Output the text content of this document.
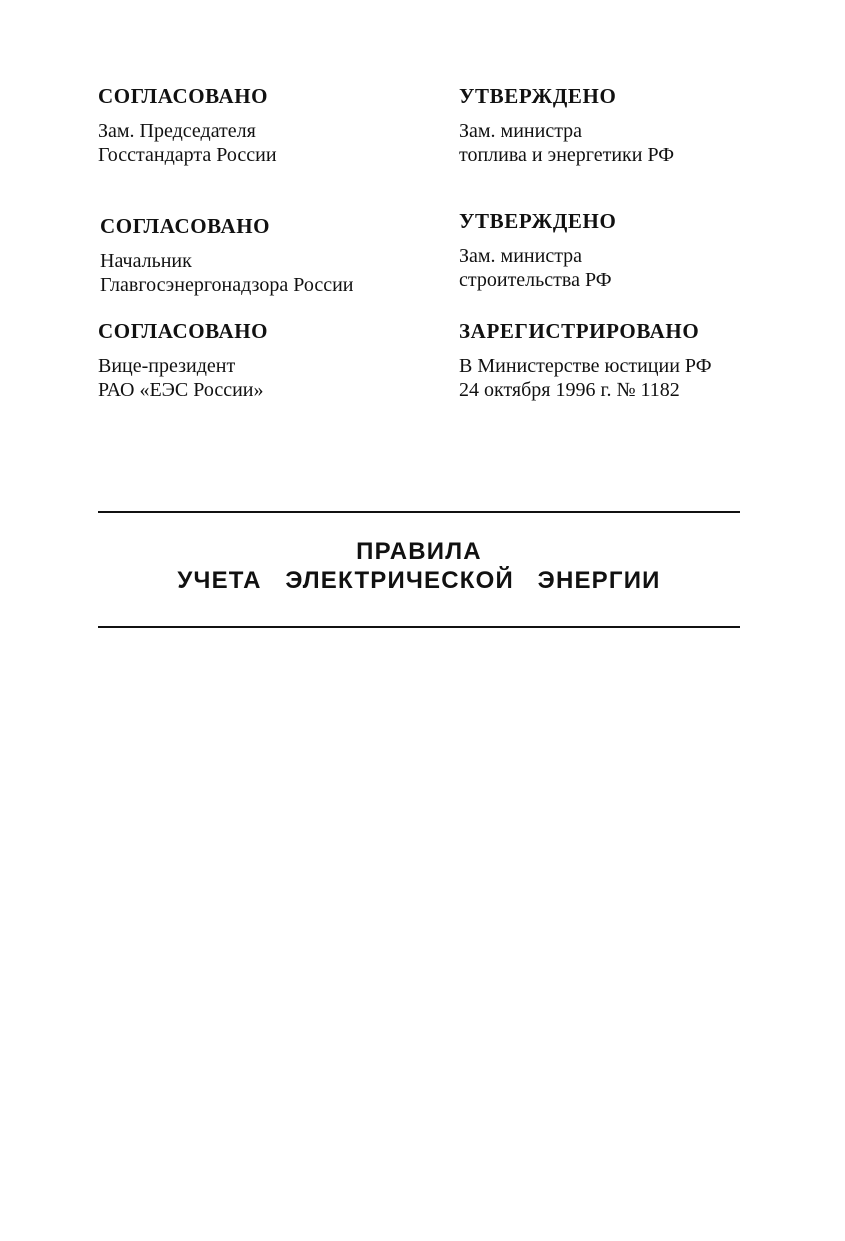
СОГЛАСОВАНО
Зам. Председателя
Госстандарта России
УТВЕРЖДЕНО
Зам. министра
топлива и энергетики РФ
СОГЛАСОВАНО
Начальник
Главгосэнергонадзора России
УТВЕРЖДЕНО
Зам. министра
строительства РФ
СОГЛАСОВАНО
Вице-президент
РАО «ЕЭС России»
ЗАРЕГИСТРИРОВАНО
В Министерстве юстиции РФ
24 октября 1996 г. № 1182
ПРАВИЛА
УЧЕТА  ЭЛЕКТРИЧЕСКОЙ  ЭНЕРГИИ
